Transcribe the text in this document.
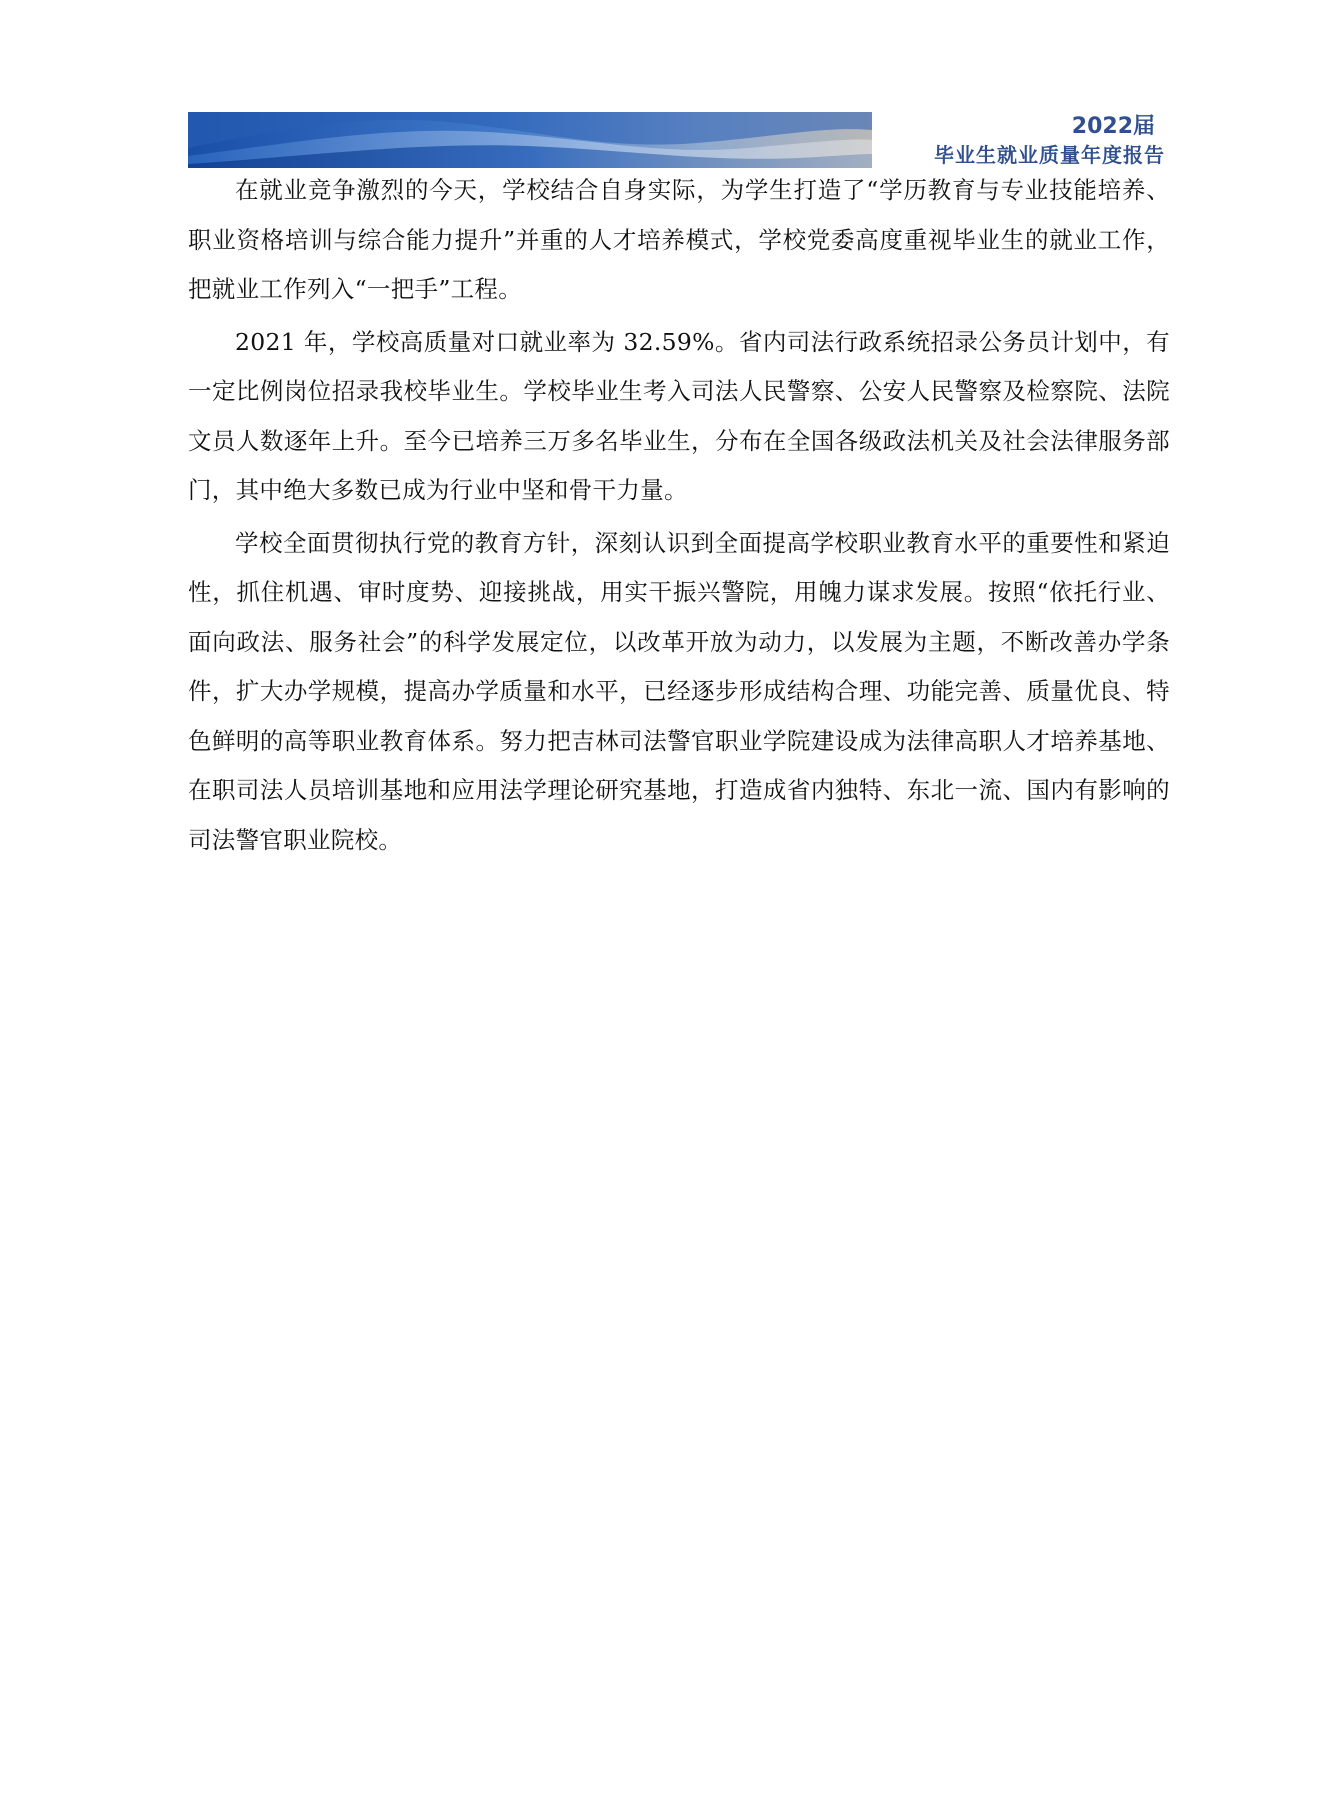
2022届
毕业生就业质量年度报告

在就业竞争激烈的今天，学校结合自身实际，为学生打造了“学历教育与专业技能培养、职业资格培训与综合能力提升”并重的人才培养模式，学校党委高度重视毕业生的就业工作，把就业工作列入“一把手”工程。

2021 年，学校高质量对口就业率为 32.59%。省内司法行政系统招录公务员计划中，有一定比例岗位招录我校毕业生。学校毕业生考入司法人民警察、公安人民警察及检察院、法院文员人数逐年上升。至今已培养三万多名毕业生，分布在全国各级政法机关及社会法律服务部门，其中绝大多数已成为行业中坚和骨干力量。

学校全面贯彻执行党的教育方针，深刻认识到全面提高学校职业教育水平的重要性和紧迫性，抓住机遇、审时度势、迎接挑战，用实干振兴警院，用魄力谋求发展。按照“依托行业、面向政法、服务社会”的科学发展定位，以改革开放为动力，以发展为主题，不断改善办学条件，扩大办学规模，提高办学质量和水平，已经逐步形成结构合理、功能完善、质量优良、特色鲜明的高等职业教育体系。努力把吉林司法警官职业学院建设成为法律高职人才培养基地、在职司法人员培训基地和应用法学理论研究基地，打造成省内独特、东北一流、国内有影响的司法警官职业院校。
